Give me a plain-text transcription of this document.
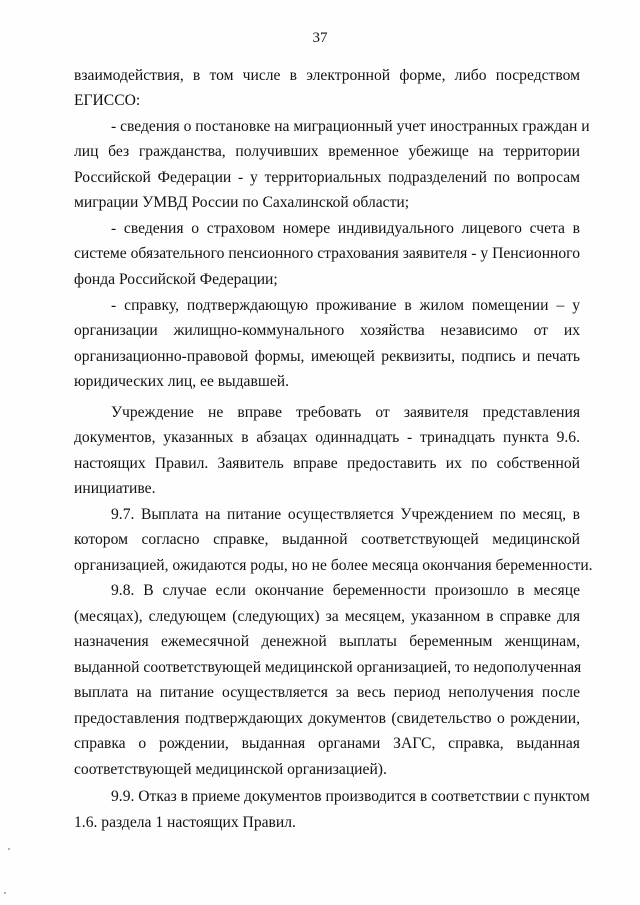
37
взаимодействия, в том числе в электронной форме, либо посредством
ЕГИССО:
- сведения о постановке на миграционный учет иностранных граждан и
лиц без гражданства, получивших временное убежище на территории
Российской Федерации - у территориальных подразделений по вопросам
миграции УМВД России по Сахалинской области;
- сведения о страховом номере индивидуального лицевого счета в
системе обязательного пенсионного страхования заявителя - у Пенсионного
фонда Российской Федерации;
- справку, подтверждающую проживание в жилом помещении – у
организации жилищно-коммунального хозяйства независимо от их
организационно-правовой формы, имеющей реквизиты, подпись и печать
юридических лиц, ее выдавшей.
Учреждение не вправе требовать от заявителя представления
документов, указанных в абзацах одиннадцать - тринадцать пункта 9.6.
настоящих Правил. Заявитель вправе предоставить их по собственной
инициативе.
9.7. Выплата на питание осуществляется Учреждением по месяц, в
котором согласно справке, выданной соответствующей медицинской
организацией, ожидаются роды, но не более месяца окончания беременности.
9.8. В случае если окончание беременности произошло в месяце
(месяцах), следующем (следующих) за месяцем, указанном в справке для
назначения ежемесячной денежной выплаты беременным женщинам,
выданной соответствующей медицинской организацией, то недополученная
выплата на питание осуществляется за весь период неполучения после
предоставления подтверждающих документов (свидетельство о рождении,
справка о рождении, выданная органами ЗАГС, справка, выданная
соответствующей медицинской организацией).
9.9. Отказ в приеме документов производится в соответствии с пунктом
1.6. раздела 1 настоящих Правил.
